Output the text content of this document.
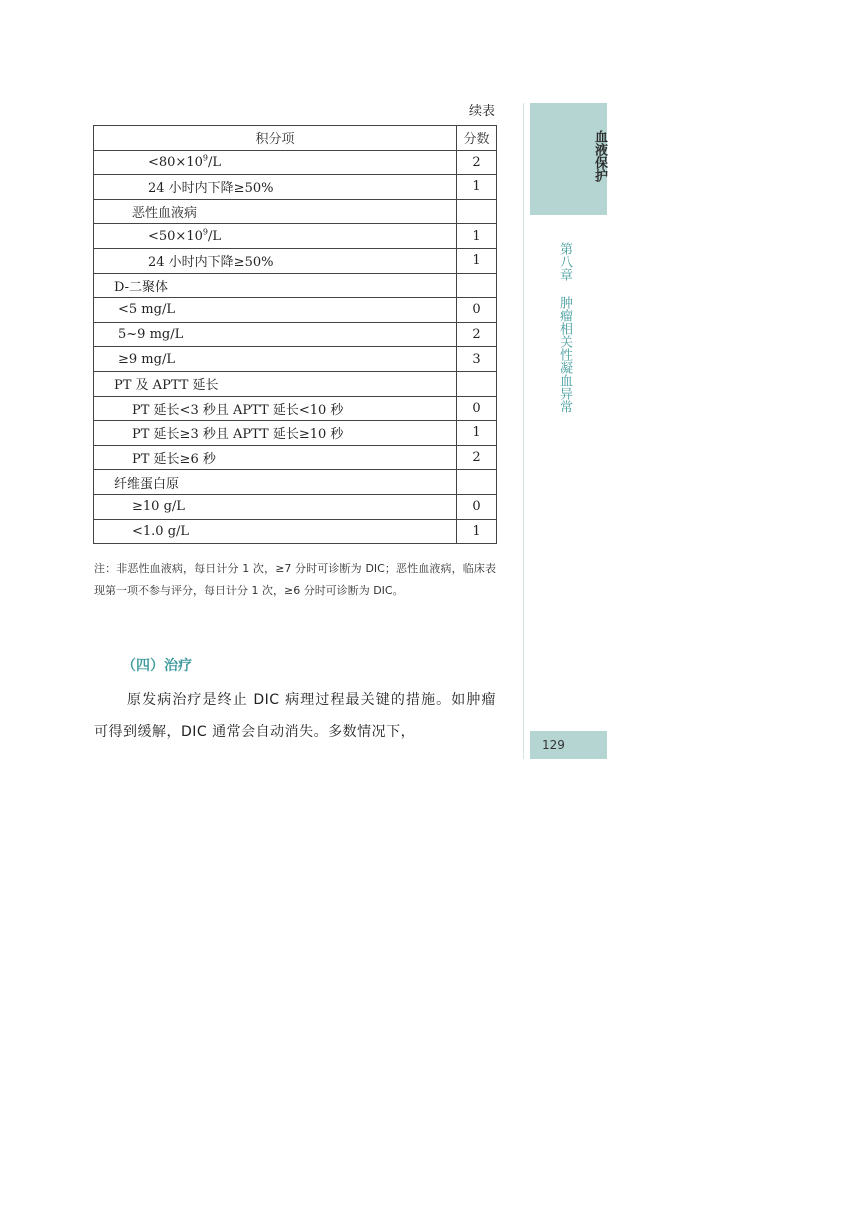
续表
积分项	分数
$<80\times 10^9/L$	2
24 小时内下降≥50%	1
恶性血液病	
$<50\times 10^9/L$	1
24 小时内下降≥50%	1
D-二聚体	
<5 mg/L	0
5~9 mg/L	2
≥9 mg/L	3
PT 及 APTT 延长	
PT 延长<3 秒且 APTT 延长<10 秒	0
PT 延长≥3 秒且 APTT 延长≥10 秒	1
PT 延长≥6 秒	2
纤维蛋白原	
≥10 g/L	0
<1.0 g/L	1
注：非恶性血液病，每日计分 1 次，≥7 分时可诊断为 DIC；恶性血液病，临床表现第一项不参与评分，每日计分 1 次，≥6 分时可诊断为 DIC。
（四）治疗
原发病治疗是终止 DIC 病理过程最关键的措施。如肿瘤可得到缓解，DIC 通常会自动消失。多数情况下，
血液保护
第八章 肿瘤相关性凝血异常
129
